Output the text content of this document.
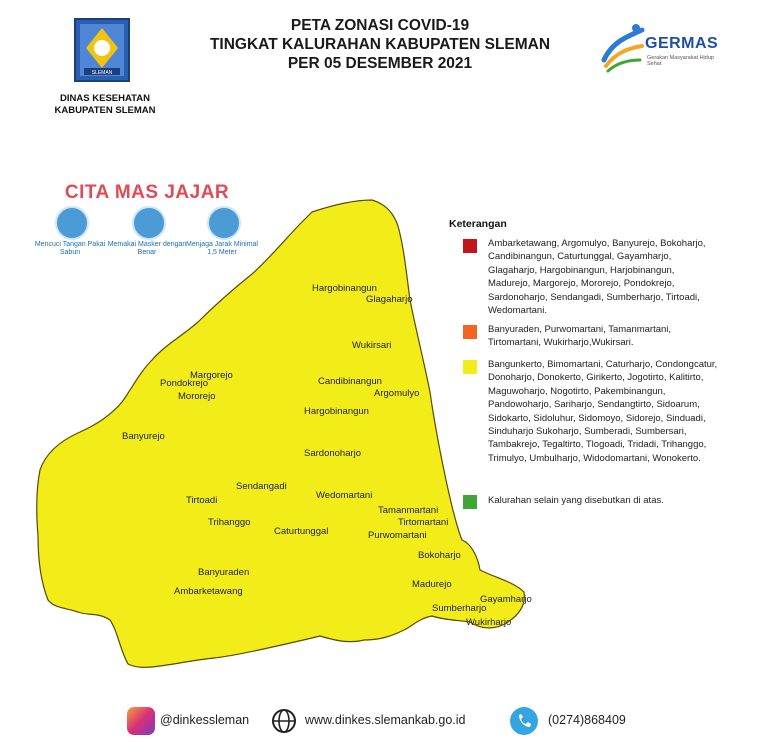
SLEMAN
DINAS KESEHATAN
KABUPATEN SLEMAN
PETA ZONASI COVID-19
TINGKAT KALURAHAN KABUPATEN SLEMAN
PER 05 DESEMBER 2021
GERMAS
Gerakan Masyarakat Hidup Sehat
CITA MAS JAJAR
Mencuci Tangan Pakai Sabun
Memakai Masker dengan Benar
Menjaga Jarak Minimal 1,5 Meter
Hargobinangun
Glagaharjo
Wukirsari
Candibinangun
Argomulyo
Pondokrejo
Margorejo
Mororejo
Hargobinangun
Banyurejo
Sardonoharjo
Sendangadi
Tirtoadi	Wedomartani
Trihanggo
Tamanmartani
Tirtomartani
Purwomartani
Caturtunggal
Bokoharjo
Banyuraden
Madurejo
Ambarketawang
Gayamharjo
Sumberharjo
Wukirharjo
Keterangan
Ambarketawang, Argomulyo, Banyurejo, Bokoharjo, Candibinangun, Caturtunggal, Gayamharjo, Glagaharjo, Hargobinangun, Harjobinangun, Madurejo, Margorejo, Mororejo, Pondokrejo, Sardonoharjo, Sendangadi, Sumberharjo, Tirtoadi, Wedomartani.
Banyuraden, Purwomartani, Tamanmartani, Tirtomartani, Wukirharjo,Wukirsari.
Bangunkerto, Bimomartani, Caturharjo, Condongcatur, Donoharjo, Donokerto, Girikerto, Jogotirto, Kalitirto, Maguwoharjo, Nogotirto, Pakembinangun, Pandowoharjo, Sariharjo, Sendangtirto, Sidoarum, Sidokarto, Sidoluhur, Sidomoyo, Sidorejo, Sinduadi, Sinduharjo Sukoharjo, Sumberadi, Sumbersari, Tambakrejo, Tegaltirto, Tlogoadi, Tridadi, Trihanggo, Trimulyo, Umbulharjo, Widodomartani, Wonokerto.
Kalurahan selain yang disebutkan di atas.
@dinkessleman	www.dinkes.slemankab.go.id	(0274)868409
